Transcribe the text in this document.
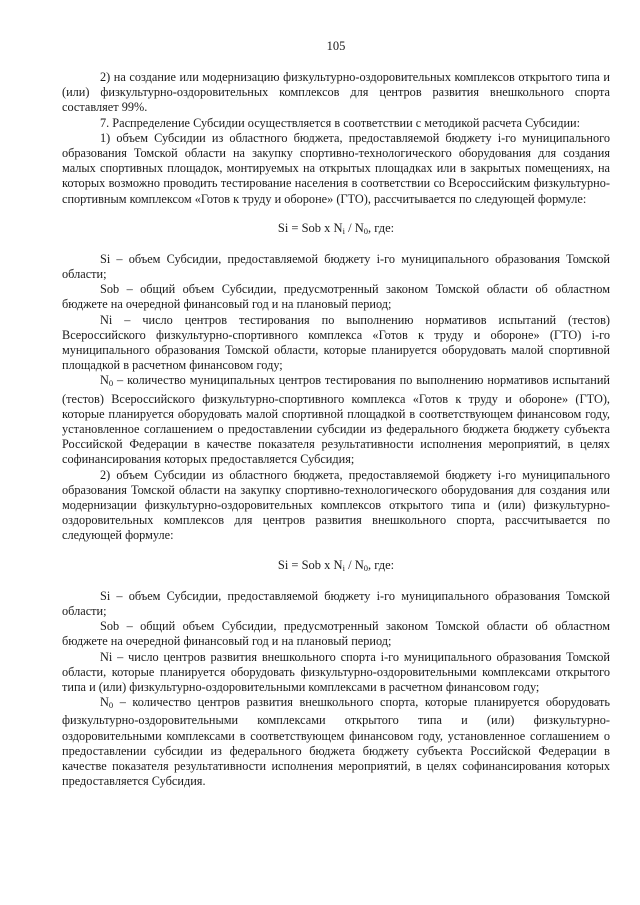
105

2) на создание или модернизацию физкультурно-оздоровительных комплексов открытого типа и (или) физкультурно-оздоровительных комплексов для центров развития внешкольного спорта составляет 99%.

7. Распределение Субсидии осуществляется в соответствии с методикой расчета Субсидии:

1) объем Субсидии из областного бюджета, предоставляемой бюджету i-го муниципального образования Томской области на закупку спортивно-технологического оборудования для создания малых спортивных площадок, монтируемых на открытых площадках или в закрытых помещениях, на которых возможно проводить тестирование населения в соответствии со Всероссийским физкультурно-спортивным комплексом «Готов к труду и обороне» (ГТО), рассчитывается по следующей формуле:

Si = Sob x $N_i / N_0$, где:

Si – объем Субсидии, предоставляемой бюджету i-го муниципального образования Томской области;

Sob – общий объем Субсидии, предусмотренный законом Томской области об областном бюджете на очередной финансовый год и на плановый период;

Ni – число центров тестирования по выполнению нормативов испытаний (тестов) Всероссийского физкультурно-спортивного комплекса «Готов к труду и обороне» (ГТО) i-го муниципального образования Томской области, которые планируется оборудовать малой спортивной площадкой в расчетном финансовом году;

$N_0$ – количество муниципальных центров тестирования по выполнению нормативов испытаний (тестов) Всероссийского физкультурно-спортивного комплекса «Готов к труду и обороне» (ГТО), которые планируется оборудовать малой спортивной площадкой в соответствующем финансовом году, установленное соглашением о предоставлении субсидии из федерального бюджета бюджету субъекта Российской Федерации в качестве показателя результативности исполнения мероприятий, в целях софинансирования которых предоставляется Субсидия;

2) объем Субсидии из областного бюджета, предоставляемой бюджету i-го муниципального образования Томской области на закупку спортивно-технологического оборудования для создания или модернизации физкультурно-оздоровительных комплексов открытого типа и (или) физкультурно-оздоровительных комплексов для центров развития внешкольного спорта, рассчитывается по следующей формуле:

Si = Sob x $N_i / N_0$, где:

Si – объем Субсидии, предоставляемой бюджету i-го муниципального образования Томской области;

Sob – общий объем Субсидии, предусмотренный законом Томской области об областном бюджете на очередной финансовый год и на плановый период;

Ni – число центров развития внешкольного спорта i-го муниципального образования Томской области, которые планируется оборудовать физкультурно-оздоровительными комплексами открытого типа и (или) физкультурно-оздоровительными комплексами в расчетном финансовом году;

$N_0$ – количество центров развития внешкольного спорта, которые планируется оборудовать физкультурно-оздоровительными комплексами открытого типа и (или) физкультурно-оздоровительными комплексами в соответствующем финансовом году, установленное соглашением о предоставлении субсидии из федерального бюджета бюджету субъекта Российской Федерации в качестве показателя результативности исполнения мероприятий, в целях софинансирования которых предоставляется Субсидия.
